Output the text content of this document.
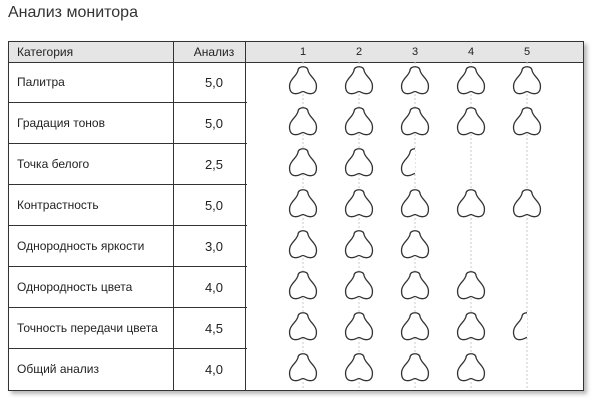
Анализ монитора
Категория	Анализ	1	2	3	4	5
Палитра	5,0
Градация тонов	5,0
Точка белого	2,5
Контрастность	5,0
Однородность яркости	3,0
Однородность цвета	4,0
Точность передачи цвета	4,5
Общий анализ	4,0
